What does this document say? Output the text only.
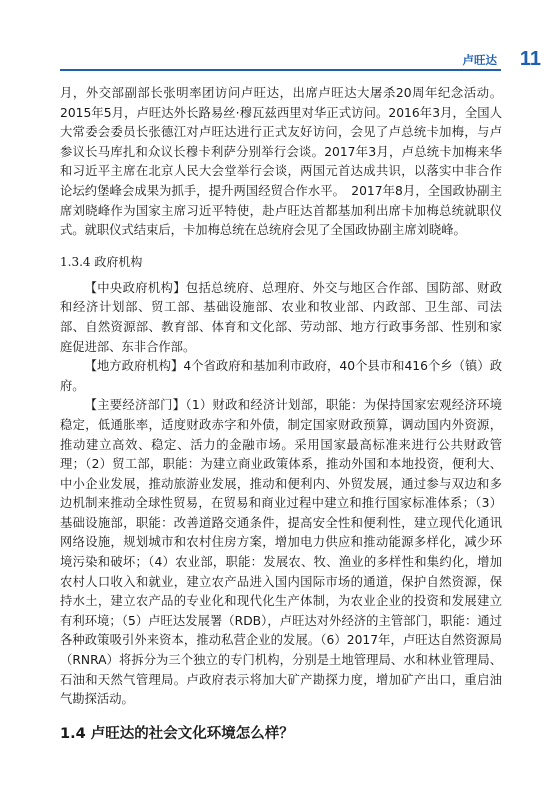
卢旺达 11

月，外交部副部长张明率团访问卢旺达，出席卢旺达大屠杀20周年纪念活动。2015年5月，卢旺达外长路易丝·穆瓦兹西里对华正式访问。2016年3月，全国人大常委会委员长张德江对卢旺达进行正式友好访问，会见了卢总统卡加梅，与卢参议长马库扎和众议长穆卡利萨分别举行会谈。2017年3月，卢总统卡加梅来华和习近平主席在北京人民大会堂举行会谈，两国元首达成共识，以落实中非合作论坛约堡峰会成果为抓手，提升两国经贸合作水平。　2017年8月，全国政协副主席刘晓峰作为国家主席习近平特使，赴卢旺达首都基加利出席卡加梅总统就职仪式。就职仪式结束后，卡加梅总统在总统府会见了全国政协副主席刘晓峰。

1.3.4 政府机构

【中央政府机构】包括总统府、总理府、外交与地区合作部、国防部、财政和经济计划部、贸工部、基础设施部、农业和牧业部、内政部、卫生部、司法部、自然资源部、教育部、体育和文化部、劳动部、地方行政事务部、性别和家庭促进部、东非合作部。

【地方政府机构】4个省政府和基加利市政府，40个县市和416个乡（镇）政府。

【主要经济部门】（1）财政和经济计划部，职能：为保持国家宏观经济环境稳定，低通胀率，适度财政赤字和外债，制定国家财政预算，调动国内外资源，推动建立高效、稳定、活力的金融市场。采用国家最高标准来进行公共财政管理；（2）贸工部，职能：为建立商业政策体系，推动外国和本地投资，便利大、中小企业发展，推动旅游业发展，推动和便利内、外贸发展，通过参与双边和多边机制来推动全球性贸易，在贸易和商业过程中建立和推行国家标准体系；（3）基础设施部，职能：改善道路交通条件，提高安全性和便利性，建立现代化通讯网络设施，规划城市和农村住房方案，增加电力供应和推动能源多样化，减少环境污染和破坏；（4）农业部，职能：发展农、牧、渔业的多样性和集约化，增加农村人口收入和就业，建立农产品进入国内国际市场的通道，保护自然资源，保持水土，建立农产品的专业化和现代化生产体制，为农业企业的投资和发展建立有利环境；（5）卢旺达发展署（RDB），卢旺达对外经济的主管部门，职能：通过各种政策吸引外来资本，推动私营企业的发展。（6）2017年，卢旺达自然资源局（RNRA）将拆分为三个独立的专门机构，分别是土地管理局、水和林业管理局、石油和天然气管理局。卢政府表示将加大矿产勘探力度，增加矿产出口，重启油气勘探活动。

1.4 卢旺达的社会文化环境怎么样？
